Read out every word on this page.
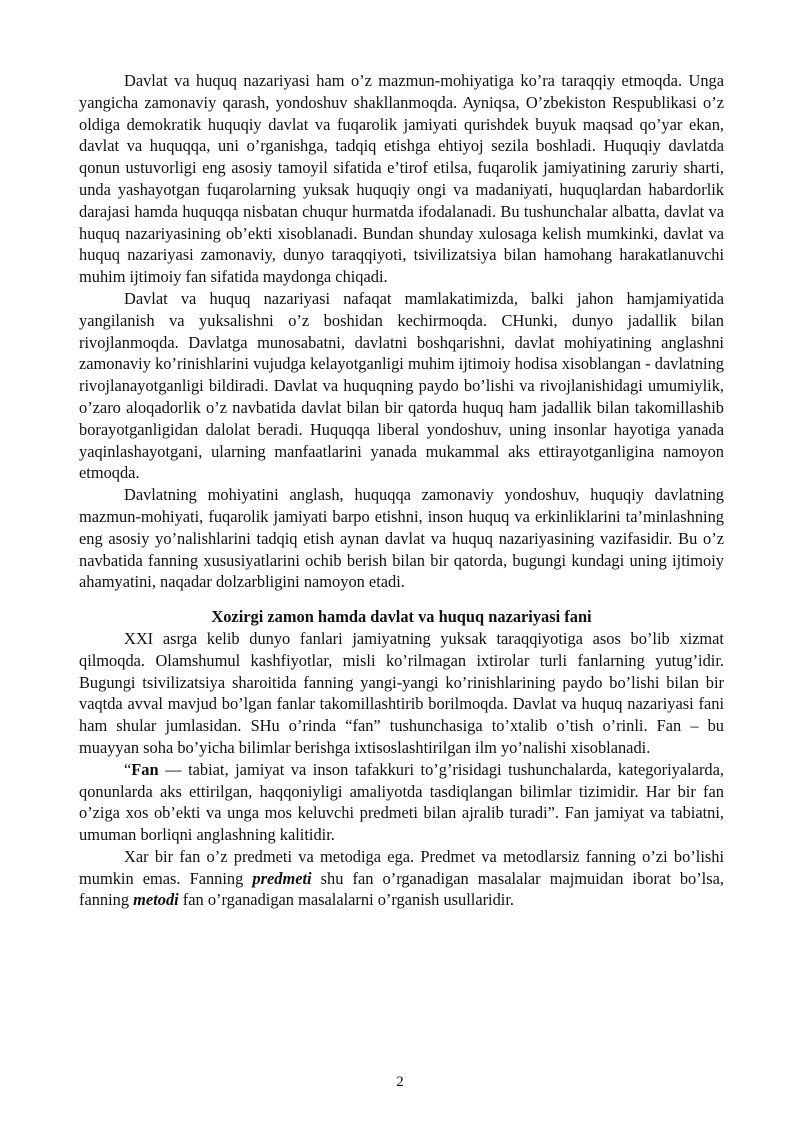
Davlat va huquq nazariyasi ham o’z mazmun-mohiyatiga ko’ra taraqqiy etmoqda. Unga yangicha zamonaviy qarash, yondoshuv shakllanmoqda. Ayniqsa, O’zbekiston Respublikasi o’z oldiga demokratik huquqiy davlat va fuqarolik jamiyati qurishdek buyuk maqsad qo’yar ekan, davlat va huquqqa, uni o’rganishga, tadqiq etishga ehtiyoj sezila boshladi. Huquqiy davlatda qonun ustuvorligi eng asosiy tamoyil sifatida e’tirof etilsa, fuqarolik jamiyatining zaruriy sharti, unda yashayotgan fuqarolarning yuksak huquqiy ongi va madaniyati, huquqlardan habardorlik darajasi hamda huquqqa nisbatan chuqur hurmatda ifodalanadi. Bu tushunchalar albatta, davlat va huquq nazariyasining ob’ekti xisoblanadi. Bundan shunday xulosaga kelish mumkinki, davlat va huquq nazariyasi zamonaviy, dunyo taraqqiyoti, tsivilizatsiya bilan hamohang harakatlanuvchi muhim ijtimoiy fan sifatida maydonga chiqadi.

Davlat va huquq nazariyasi nafaqat mamlakatimizda, balki jahon hamjamiyatida yangilanish va yuksalishni o’z boshidan kechirmoqda. CHunki, dunyo jadallik bilan rivojlanmoqda. Davlatga munosabatni, davlatni boshqarishni, davlat mohiyatining anglashni zamonaviy ko’rinishlarini vujudga kelayotganligi muhim ijtimoiy hodisa xisoblangan - davlatning rivojlanayotganligi bildiradi. Davlat va huquqning paydo bo’lishi va rivojlanishidagi umumiylik, o’zaro aloqadorlik o’z navbatida davlat bilan bir qatorda huquq ham jadallik bilan takomillashib borayotganligidan dalolat beradi. Huquqqa liberal yondoshuv, uning insonlar hayotiga yanada yaqinlashayotgani, ularning manfaatlarini yanada mukammal aks ettirayotganligina namoyon etmoqda.

Davlatning mohiyatini anglash, huquqqa zamonaviy yondoshuv, huquqiy davlatning mazmun-mohiyati, fuqarolik jamiyati barpo etishni, inson huquq va erkinliklarini ta’minlashning eng asosiy yo’nalishlarini tadqiq etish aynan davlat va huquq nazariyasining vazifasidir. Bu o’z navbatida fanning xususiyatlarini ochib berish bilan bir qatorda, bugungi kundagi uning ijtimoiy ahamyatini, naqadar dolzarbligini namoyon etadi.

Xozirgi zamon hamda davlat va huquq nazariyasi fani

XXI asrga kelib dunyo fanlari jamiyatning yuksak taraqqiyotiga asos bo’lib xizmat qilmoqda. Olamshumul kashfiyotlar, misli ko’rilmagan ixtirolar turli fanlarning yutug’idir. Bugungi tsivilizatsiya sharoitida fanning yangi-yangi ko’rinishlarining paydo bo’lishi bilan bir vaqtda avval mavjud bo’lgan fanlar takomillashtirib borilmoqda. Davlat va huquq nazariyasi fani ham shular jumlasidan. SHu o’rinda “fan” tushunchasiga to’xtalib o’tish o’rinli. Fan – bu muayyan soha bo’yicha bilimlar berishga ixtisoslashtirilgan ilm yo’nalishi xisoblanadi.

“Fan — tabiat, jamiyat va inson tafakkuri to’g’risidagi tushunchalarda, kategoriyalarda, qonunlarda aks ettirilgan, haqqoniyligi amaliyotda tasdiqlangan bilimlar tizimidir. Har bir fan o’ziga xos ob’ekti va unga mos keluvchi predmeti bilan ajralib turadi”. Fan jamiyat va tabiatni, umuman borliqni anglashning kalitidir.

Xar bir fan o’z predmeti va metodiga ega. Predmet va metodlarsiz fanning o’zi bo’lishi mumkin emas. Fanning predmeti shu fan o’rganadigan masalalar majmuidan iborat bo’lsa, fanning metodi fan o’rganadigan masalalarni o’rganish usullaridir.

2
